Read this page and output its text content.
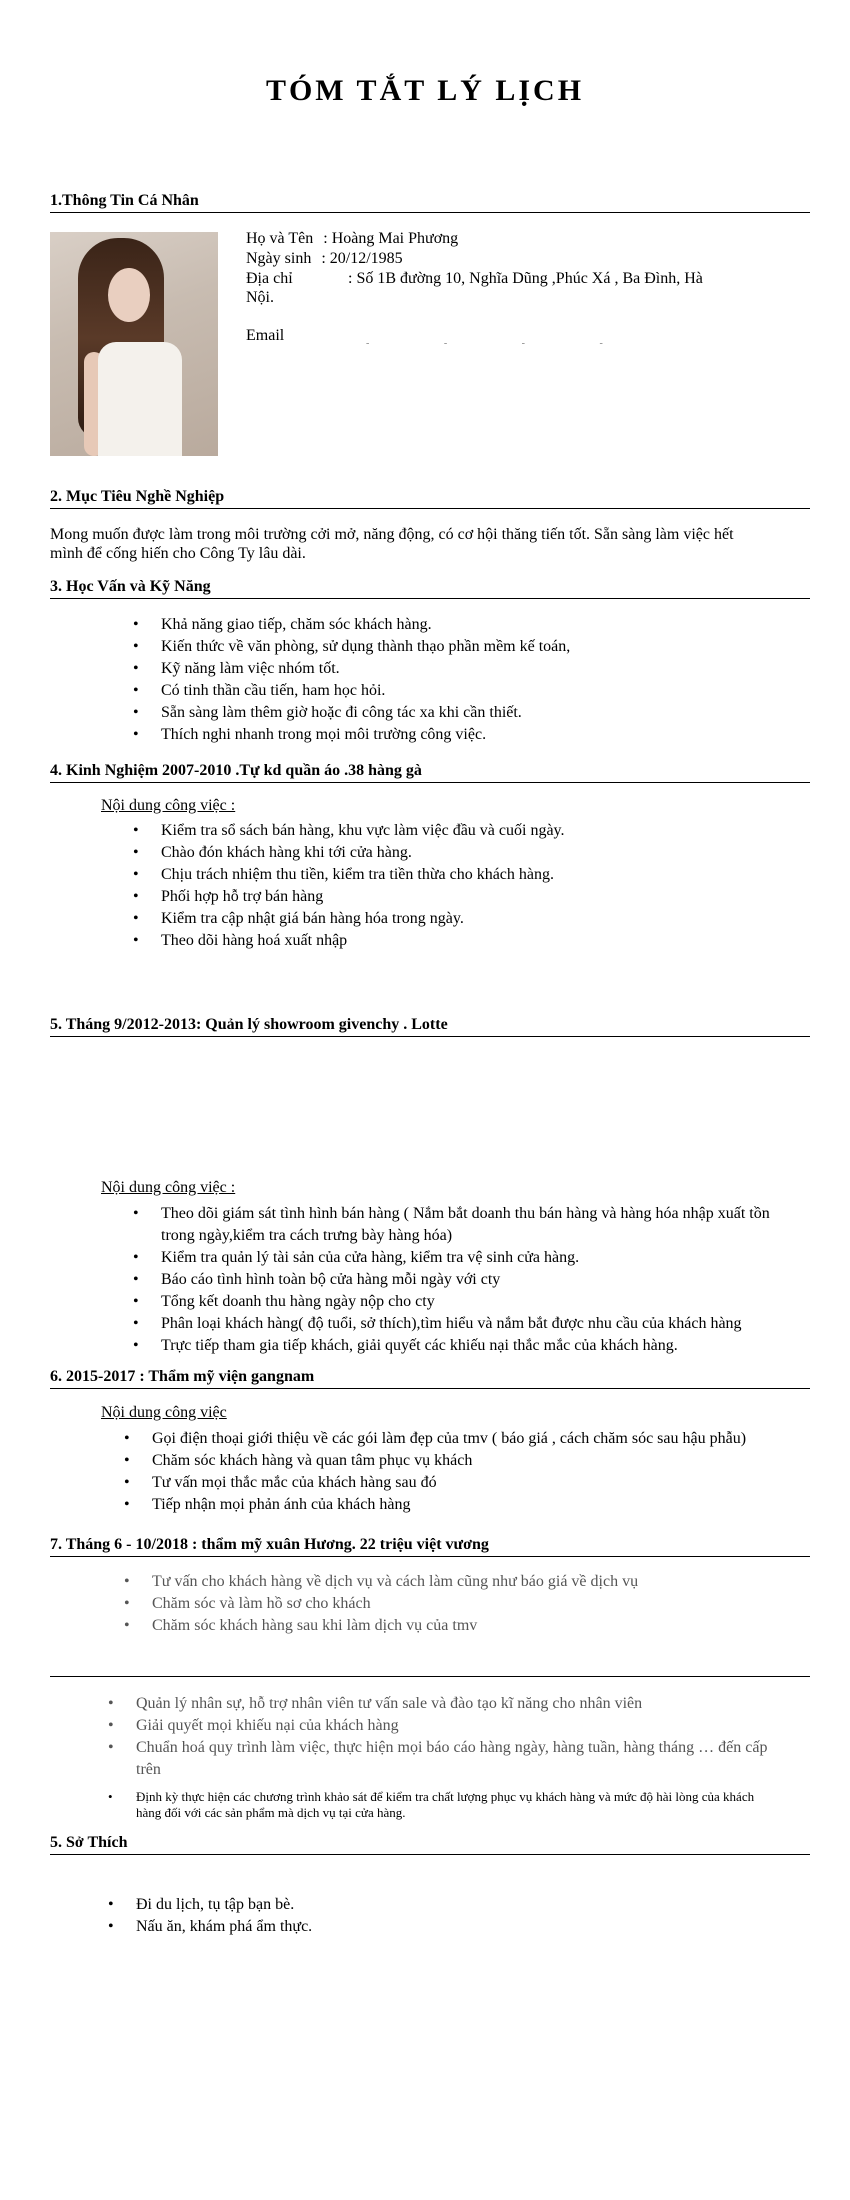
TÓM TẮT LÝ LỊCH
1.Thông Tin Cá Nhân
Họ và Tên : Hoàng Mai Phương
Ngày sinh : 20/12/1985
Địa chỉ	: Số 1B đường 10, Nghĩa Dũng ,Phúc Xá , Ba Đình, Hà
Nội.
Email	- - - -
2. Mục Tiêu Nghề Nghiệp
Mong muốn được làm trong môi trường cởi mở, năng động, có cơ hội thăng tiến tốt. Sẵn sàng làm việc hết
mình để cống hiến cho Công Ty lâu dài.
3. Học Vấn và Kỹ Năng
• Khả năng giao tiếp, chăm sóc khách hàng.
• Kiến thức về văn phòng, sử dụng thành thạo phần mềm kế toán,
• Kỹ năng làm việc nhóm tốt.
• Có tinh thần cầu tiến, ham học hỏi.
• Sẵn sàng làm thêm giờ hoặc đi công tác xa khi cần thiết.
• Thích nghi nhanh trong mọi môi trường công việc.
4. Kinh Nghiệm 2007-2010 .Tự kd quần áo .38 hàng gà
Nội dung công việc :
• Kiểm tra sổ sách bán hàng, khu vực làm việc đầu và cuối ngày.
• Chào đón khách hàng khi tới cửa hàng.
• Chịu trách nhiệm thu tiền, kiểm tra tiền thừa cho khách hàng.
• Phối hợp hỗ trợ bán hàng
• Kiểm tra cập nhật giá bán hàng hóa trong ngày.
• Theo dõi hàng hoá xuất nhập
5. Tháng 9/2012-2013: Quản lý showroom givenchy . Lotte
Nội dung công việc :
• Theo dõi giám sát tình hình bán hàng ( Nắm bắt doanh thu bán hàng và hàng hóa nhập xuất tồn
trong ngày,kiểm tra cách trưng bày hàng hóa)
• Kiểm tra quản lý tài sản của cửa hàng, kiểm tra vệ sinh cửa hàng.
• Báo cáo tình hình toàn bộ cửa hàng mỗi ngày với cty
• Tổng kết doanh thu hàng ngày nộp cho cty
• Phân loại khách hàng( độ tuổi, sở thích),tìm hiểu và nắm bắt được nhu cầu của khách hàng
• Trực tiếp tham gia tiếp khách, giải quyết các khiếu nại thắc mắc của khách hàng.
6. 2015-2017 : Thẩm mỹ viện gangnam
Nội dung công việc
• Gọi điện thoại giới thiệu về các gói làm đẹp của tmv ( báo giá , cách chăm sóc sau hậu phẫu)
• Chăm sóc khách hàng và quan tâm phục vụ khách
• Tư vấn mọi thắc mắc của khách hàng sau đó
• Tiếp nhận mọi phản ánh của khách hàng
7. Tháng 6 - 10/2018 : thẩm mỹ xuân Hương. 22 triệu việt vương
• Tư vấn cho khách hàng về dịch vụ và cách làm cũng như báo giá về dịch vụ
• Chăm sóc và làm hồ sơ cho khách
• Chăm sóc khách hàng sau khi làm dịch vụ của tmv
• Quản lý nhân sự, hỗ trợ nhân viên tư vấn sale và đào tạo kĩ năng cho nhân viên
• Giải quyết mọi khiếu nại của khách hàng
• Chuẩn hoá quy trình làm việc, thực hiện mọi báo cáo hàng ngày, hàng tuần, hàng tháng … đến cấp
trên
• Định kỳ thực hiện các chương trình khảo sát để kiểm tra chất lượng phục vụ khách hàng và mức độ hài lòng của khách
hàng đối với các sản phẩm mà dịch vụ tại cửa hàng.
5. Sở Thích
• Đi du lịch, tụ tập bạn bè.
• Nấu ăn, khám phá ẩm thực.
